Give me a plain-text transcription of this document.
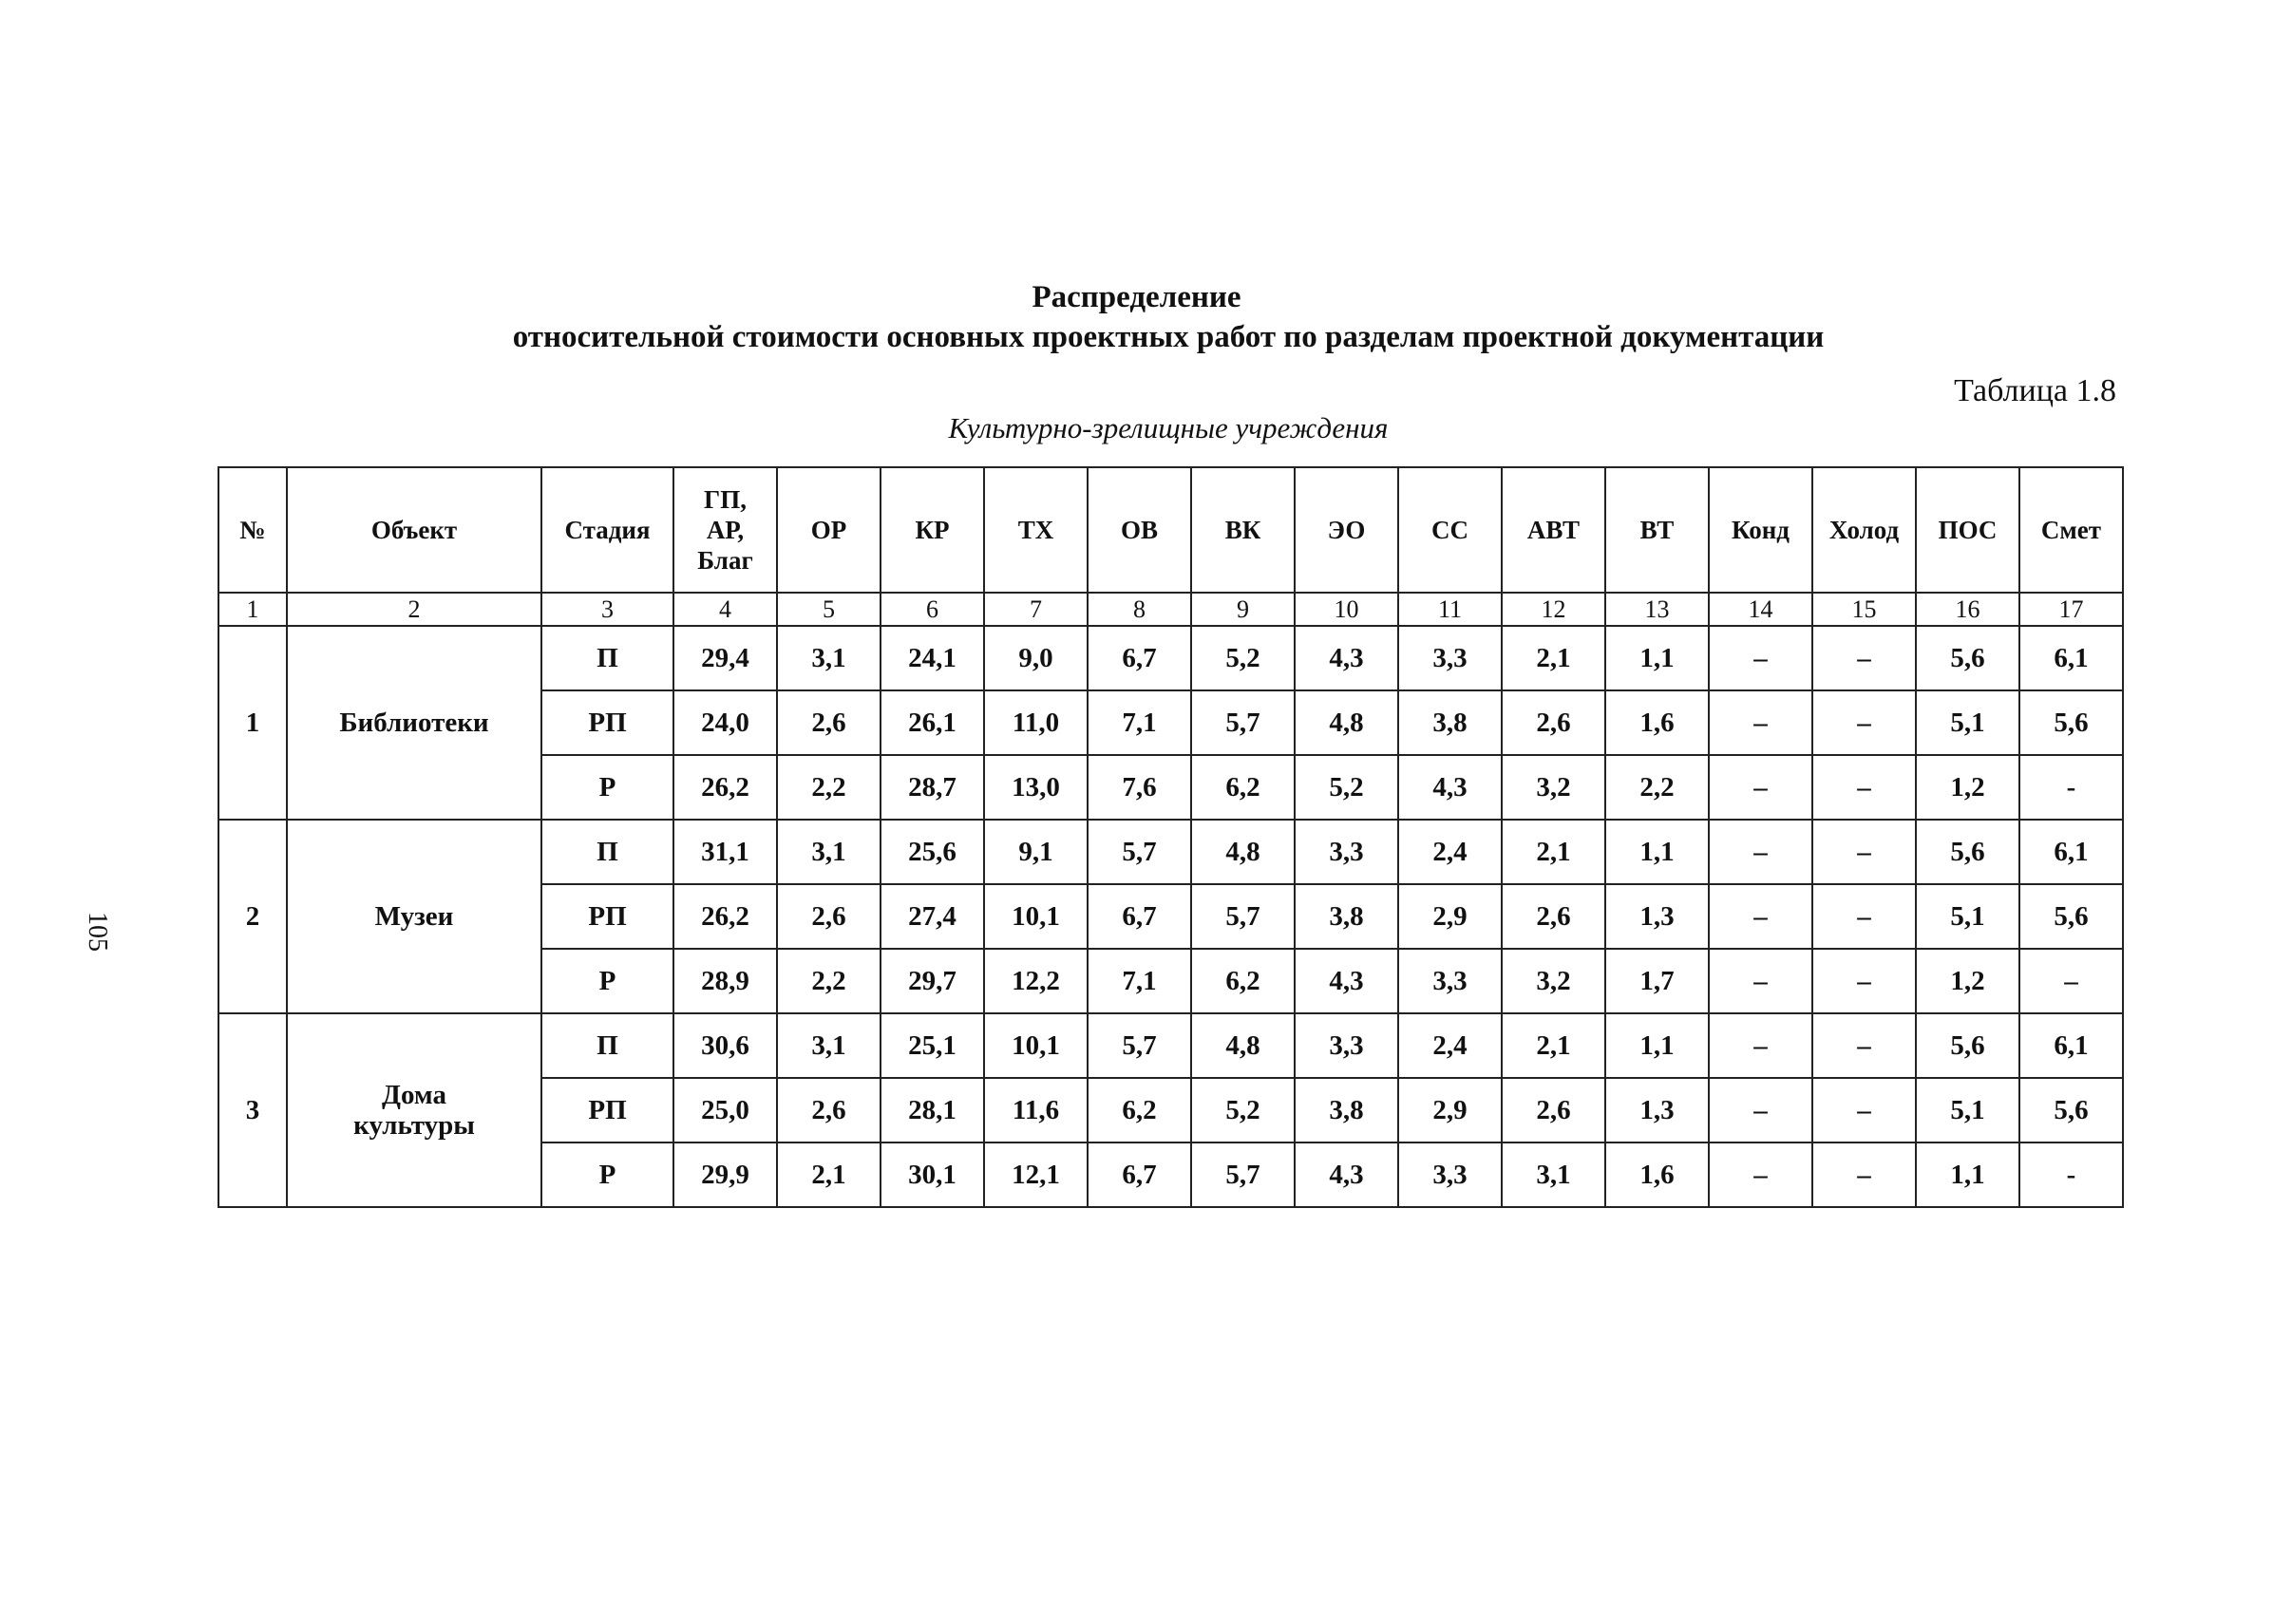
Распределение
относительной стоимости основных проектных работ по разделам проектной документации
Таблица 1.8
Культурно-зрелищные учреждения
105
№	Объект	Стадия	ГП,
АР,
Благ	ОР	КР	ТХ	ОВ	ВК	ЭО	СС	АВТ	ВТ	Конд	Холод	ПОС	Смет
1	2	3	4	5	6	7	8	9	10	11	12	13	14	15	16	17
1	Библиотеки	П	29,4	3,1	24,1	9,0	6,7	5,2	4,3	3,3	2,1	1,1	–	–	5,6	6,1
		РП	24,0	2,6	26,1	11,0	7,1	5,7	4,8	3,8	2,6	1,6	–	–	5,1	5,6
		Р	26,2	2,2	28,7	13,0	7,6	6,2	5,2	4,3	3,2	2,2	–	–	1,2	-
2	Музеи	П	31,1	3,1	25,6	9,1	5,7	4,8	3,3	2,4	2,1	1,1	–	–	5,6	6,1
		РП	26,2	2,6	27,4	10,1	6,7	5,7	3,8	2,9	2,6	1,3	–	–	5,1	5,6
		Р	28,9	2,2	29,7	12,2	7,1	6,2	4,3	3,3	3,2	1,7	–	–	1,2	–
3	Дома культуры	П	30,6	3,1	25,1	10,1	5,7	4,8	3,3	2,4	2,1	1,1	–	–	5,6	6,1
		РП	25,0	2,6	28,1	11,6	6,2	5,2	3,8	2,9	2,6	1,3	–	–	5,1	5,6
		Р	29,9	2,1	30,1	12,1	6,7	5,7	4,3	3,3	3,1	1,6	–	–	1,1	-
